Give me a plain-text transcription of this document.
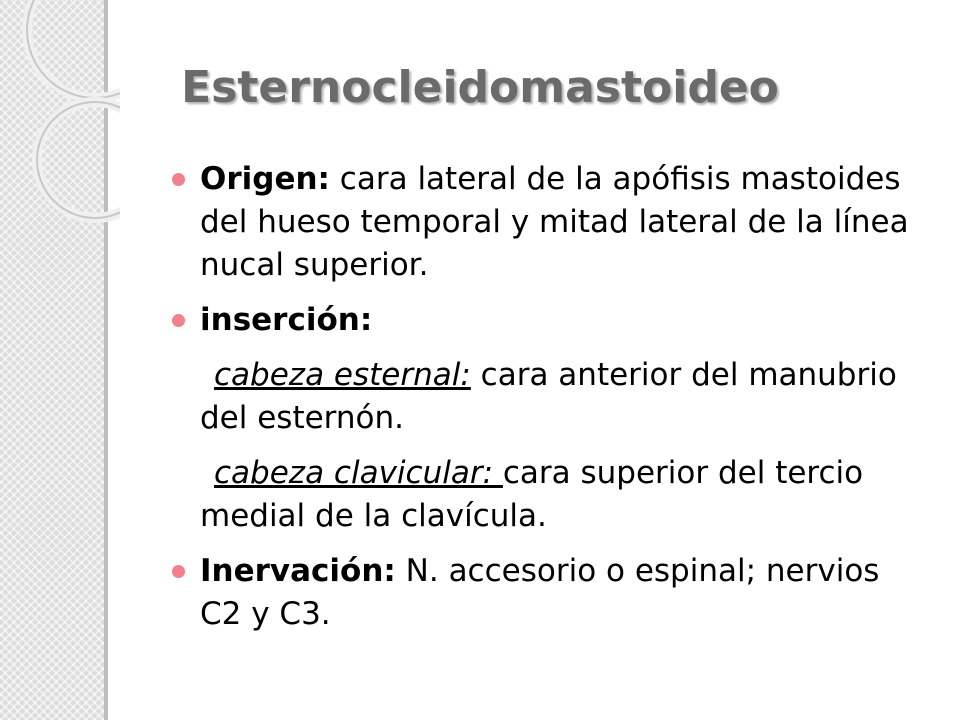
Esternocleidomastoideo
Origen: cara lateral de la apófisis mastoides del hueso temporal y mitad lateral de la línea nucal superior.
inserción:
cabeza esternal: cara anterior del manubrio del esternón.
cabeza clavicular: cara superior del tercio medial de la clavícula.
Inervación: N. accesorio o espinal; nervios C2 y C3.
